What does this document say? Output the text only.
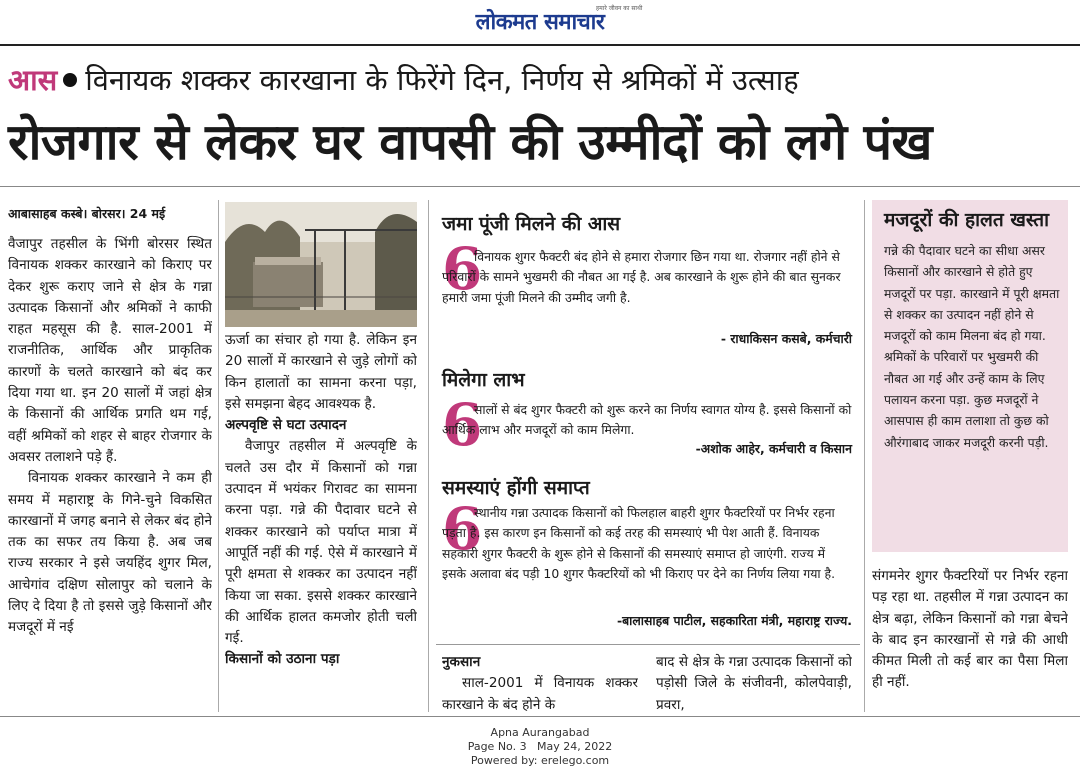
लोकमत समाचार
हमारे जीवन का साथी
आस विनायक शक्कर कारखाना के फिरेंगे दिन, निर्णय से श्रमिकों में उत्साह
रोजगार से लेकर घर वापसी की उम्मीदों को लगे पंख
आबासाहब कस्बे। बोरसर। 24 मई

वैजापुर तहसील के भिंगी बोरसर स्थित विनायक शक्कर कारखाने को किराए पर देकर शुरू कराए जाने से क्षेत्र के गन्ना उत्पादक किसानों और श्रमिकों ने काफी राहत महसूस की है. साल-2001 में राजनीतिक, आर्थिक और प्राकृतिक कारणों के चलते कारखाने को बंद कर दिया गया था. इन 20 सालों में जहां क्षेत्र के किसानों की आर्थिक प्रगति थम गई, वहीं श्रमिकों को शहर से बाहर रोजगार के अवसर तलाशने पड़े हैं.

विनायक शक्कर कारखाने ने कम ही समय में महाराष्ट्र के गिने-चुने विकसित कारखानों में जगह बनाने से लेकर बंद होने तक का सफर तय किया है. अब जब राज्य सरकार ने इसे जयहिंद शुगर मिल, आचेगांव दक्षिण सोलापुर को चलाने के लिए दे दिया है तो इससे जुड़े किसानों और मजदूरों में नई

ऊर्जा का संचार हो गया है. लेकिन इन 20 सालों में कारखाने से जुड़े लोगों को किन हालातों का सामना करना पड़ा, इसे समझना बेहद आवश्यक है.

अल्पवृष्टि से घटा उत्पादन

वैजापुर तहसील में अल्पवृष्टि के चलते उस दौर में किसानों को गन्ना उत्पादन में भयंकर गिरावट का सामना करना पड़ा. गन्ने की पैदावार घटने से शक्कर कारखाने को पर्याप्त मात्रा में आपूर्ति नहीं की गई. ऐसे में कारखाने में पूरी क्षमता से शक्कर का उत्पादन नहीं किया जा सका. इससे शक्कर कारखाने की आर्थिक हालत कमजोर होती चली गई.

किसानों को उठाना पड़ा

जमा पूंजी मिलने की आस
6
विनायक शुगर फैक्टरी बंद होने से हमारा रोजगार छिन गया था. रोजगार नहीं होने से परिवारों के सामने भुखमरी की नौबत आ गई है. अब कारखाने के शुरू होने की बात सुनकर हमारी जमा पूंजी मिलने की उम्मीद जगी है.
- राधाकिसन कसबे, कर्मचारी
मिलेगा लाभ
6
सालों से बंद शुगर फैक्टरी को शुरू करने का निर्णय स्वागत योग्य है. इससे किसानों को आर्थिक लाभ और मजदूरों को काम मिलेगा.
-अशोक आहेर, कर्मचारी व किसान
समस्याएं होंगी समाप्त
6
स्थानीय गन्ना उत्पादक किसानों को फिलहाल बाहरी शुगर फैक्टरियों पर निर्भर रहना पड़ता है. इस कारण इन किसानों को कई तरह की समस्याएं भी पेश आती हैं. विनायक सहकारी शुगर फैक्टरी के शुरू होने से किसानों की समस्याएं समाप्त हो जाएंगी. राज्य में इसके अलावा बंद पड़ी 10 शुगर फैक्टरियों को भी किराए पर देने का निर्णय लिया गया है.
-बालासाहब पाटील, सहकारिता मंत्री, महाराष्ट्र राज्य.

नुकसान

साल-2001 में विनायक शक्कर कारखाने के बंद होने के

बाद से क्षेत्र के गन्ना उत्पादक किसानों को पड़ोसी जिले के संजीवनी, कोलपेवाड़ी, प्रवरा,

मजदूरों की हालत खस्ता
गन्ने की पैदावार घटने का सीधा असर किसानों और कारखाने से होते हुए मजदूरों पर पड़ा. कारखाने में पूरी क्षमता से शक्कर का उत्पादन नहीं होने से मजदूरों को काम मिलना बंद हो गया. श्रमिकों के परिवारों पर भुखमरी की नौबत आ गई और उन्हें काम के लिए पलायन करना पड़ा. कुछ मजदूरों ने आसपास ही काम तलाशा तो कुछ को औरंगाबाद जाकर मजदूरी करनी पड़ी.

संगमनेर शुगर फैक्टरियों पर निर्भर रहना पड़ रहा था. तहसील में गन्ना उत्पादन का क्षेत्र बढ़ा, लेकिन किसानों को गन्ना बेचने के बाद इन कारखानों से गन्ने की आधी कीमत मिली तो कई बार का पैसा मिला ही नहीं.

Apna Aurangabad
Page No. 3   May 24, 2022
Powered by: erelego.com
